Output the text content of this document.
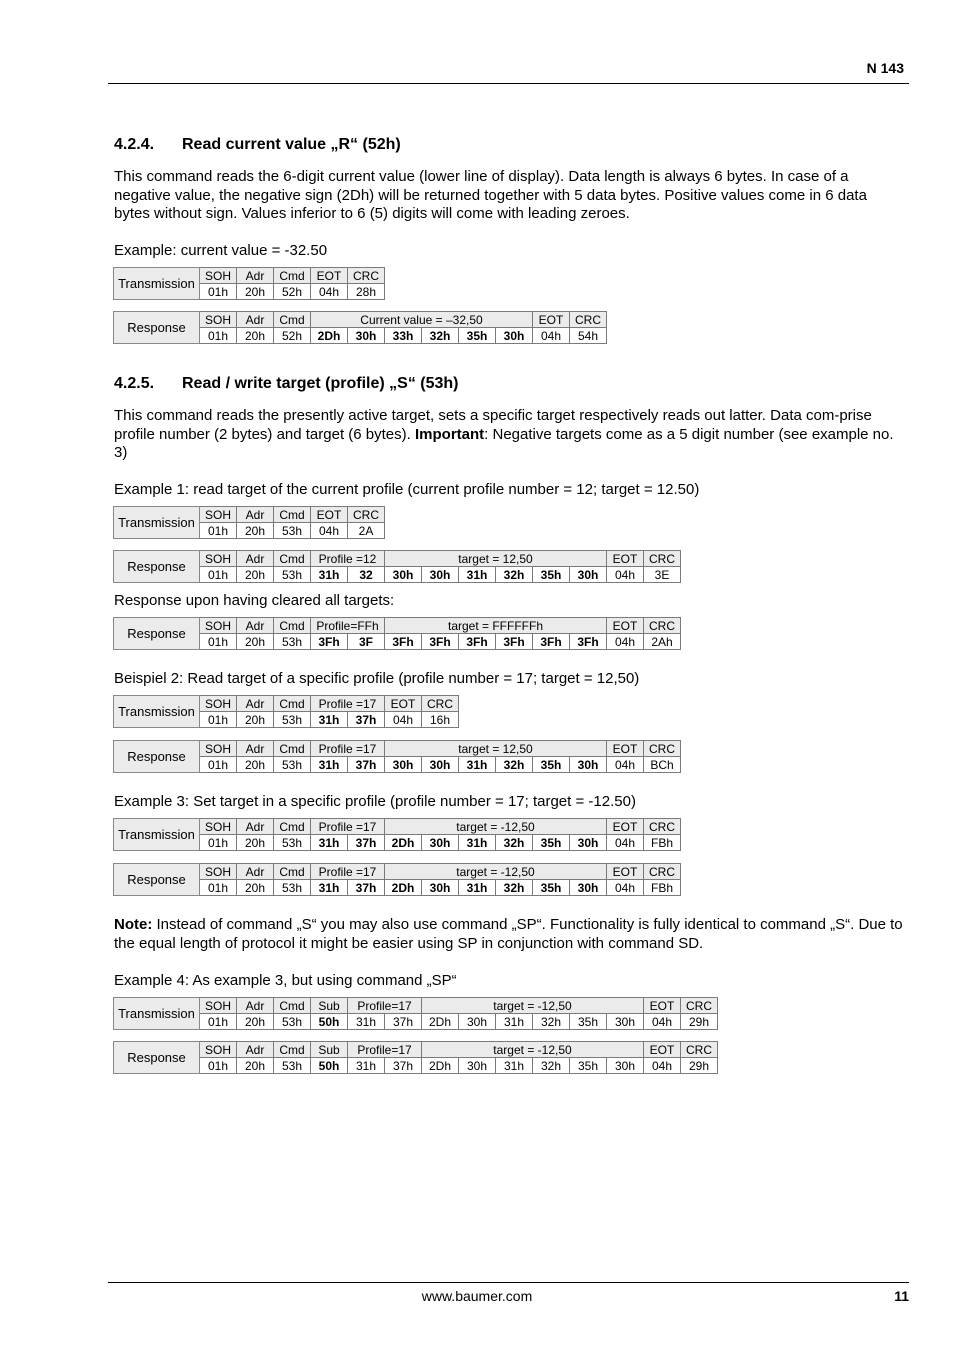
N 143
4.2.4. Read current value „R“ (52h)

This command reads the 6-digit current value (lower line of display). Data length is always 6 bytes. In case of a negative value, the negative sign (2Dh) will be returned together with 5 data bytes. Positive values come in 6 data bytes without sign. Values inferior to 6 (5) digits will come with leading zeroes.

Example: current value = -32.50

Transmission	SOH	Adr	Cmd	EOT	CRC
	01h	20h	52h	04h	28h
Response	SOH	Adr	Cmd	Current value = –32,50						EOT	CRC
	01h	20h	52h	2Dh	30h	33h	32h	35h	30h	04h	54h
4.2.5. Read / write target (profile) „S“ (53h)

This command reads the presently active target, sets a specific target respectively reads out latter. Data com-prise profile number (2 bytes) and target (6 bytes). Important: Negative targets come as a 5 digit number (see example no. 3)

Example 1: read target of the current profile (current profile number = 12; target = 12.50)

Transmission	SOH	Adr	Cmd	EOT	CRC
	01h	20h	53h	04h	2A
Response	SOH	Adr	Cmd	Profile =12		target = 12,50						EOT	CRC
	01h	20h	53h	31h	32	30h	30h	31h	32h	35h	30h	04h	3E

Response upon having cleared all targets:

Response	SOH	Adr	Cmd	Profile=FFh		target = FFFFFFh						EOT	CRC
	01h	20h	53h	3Fh	3F	3Fh	3Fh	3Fh	3Fh	3Fh	3Fh	04h	2Ah

Beispiel 2: Read target of a specific profile (profile number = 17; target = 12,50)

Transmission	SOH	Adr	Cmd	Profile =17		EOT	CRC
	01h	20h	53h	31h	37h	04h	16h
Response	SOH	Adr	Cmd	Profile =17		target = 12,50						EOT	CRC
	01h	20h	53h	31h	37h	30h	30h	31h	32h	35h	30h	04h	BCh

Example 3: Set target in a specific profile (profile number = 17; target = -12.50)

Transmission	SOH	Adr	Cmd	Profile =17		target = -12,50						EOT	CRC
	01h	20h	53h	31h	37h	2Dh	30h	31h	32h	35h	30h	04h	FBh
Response	SOH	Adr	Cmd	Profile =17		target = -12,50						EOT	CRC
	01h	20h	53h	31h	37h	2Dh	30h	31h	32h	35h	30h	04h	FBh

Note: Instead of command „S“ you may also use command „SP“. Functionality is fully identical to command „S“. Due to the equal length of protocol it might be easier using SP in conjunction with command SD.

Example 4: As example 3, but using command „SP“

Transmission	SOH	Adr	Cmd	Sub	Profile=17		target = -12,50						EOT	CRC
	01h	20h	53h	50h	31h	37h	2Dh	30h	31h	32h	35h	30h	04h	29h
Response	SOH	Adr	Cmd	Sub	Profile=17		target = -12,50						EOT	CRC
	01h	20h	53h	50h	31h	37h	2Dh	30h	31h	32h	35h	30h	04h	29h
www.baumer.com	11
